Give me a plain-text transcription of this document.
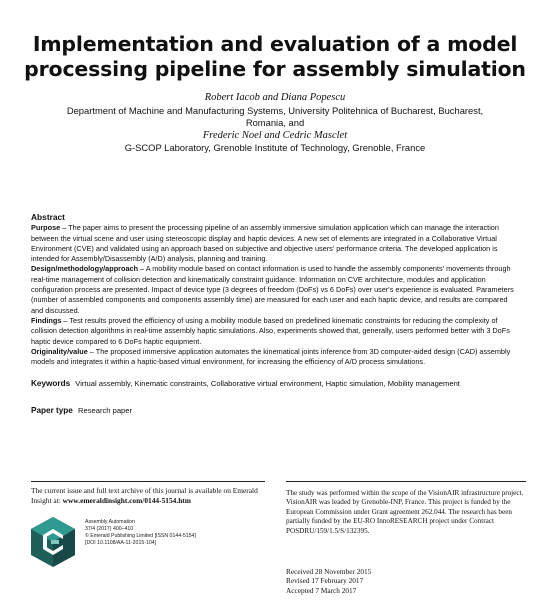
Implementation and evaluation of a model processing pipeline for assembly simulation
Robert Iacob and Diana Popescu
Department of Machine and Manufacturing Systems, University Politehnica of Bucharest, Bucharest, Romania, and
Frederic Noel and Cedric Masclet
G-SCOP Laboratory, Grenoble Institute of Technology, Grenoble, France
Abstract

Purpose – The paper aims to present the processing pipeline of an assembly immersive simulation application which can manage the interaction between the virtual scene and user using stereoscopic display and haptic devices. A new set of elements are integrated in a Collaborative Virtual Environment (CVE) and validated using an approach based on subjective and objective users' performance criteria. The developed application is intended for Assembly/Disassembly (A/D) analysis, planning and training.

Design/methodology/approach – A mobility module based on contact information is used to handle the assembly components' movements through real-time management of collision detection and kinematically constraint guidance. Information on CVE architecture, modules and application configuration process are presented. Impact of device type (3 degrees of freedom (DoFs) vs 6 DoFs) over user's experience is evaluated. Parameters (number of assembled components and components assembly time) are measured for each user and each haptic device, and results are compared and discussed.

Findings – Test results proved the efficiency of using a mobility module based on predefined kinematic constraints for reducing the complexity of collision detection algorithms in real-time assembly haptic simulations. Also, experiments showed that, generally, users performed better with 3 DoFs haptic device compared to 6 DoFs haptic equipment.

Originality/value – The proposed immersive application automates the kinematical joints inference from 3D computer-aided design (CAD) assembly models and integrates it within a haptic-based virtual environment, for increasing the efficiency of A/D process simulations.

Keywords Virtual assembly, Kinematic constraints, Collaborative virtual environment, Haptic simulation, Mobility management
Paper type Research paper
The current issue and full text archive of this journal is available on Emerald Insight at: www.emeraldinsight.com/0144-5154.htm
Assembly Automation
37/4 (2017) 400–410
© Emerald Publishing Limited [ISSN 0144-5154]
[DOI 10.1108/AA-11-2015-104]
The study was performed within the scope of the VisionAIR infrastructure project. VisionAIR was leaded by Grenoble-INP, France. This project is funded by the European Commission under Grant agreement 262.044. The research has been partially funded by the EU-RO InnoRESEARCH project under Contract POSDRU/159/1.5/S/132395.
Received 28 November 2015
Revised 17 February 2017
Accepted 7 March 2017
